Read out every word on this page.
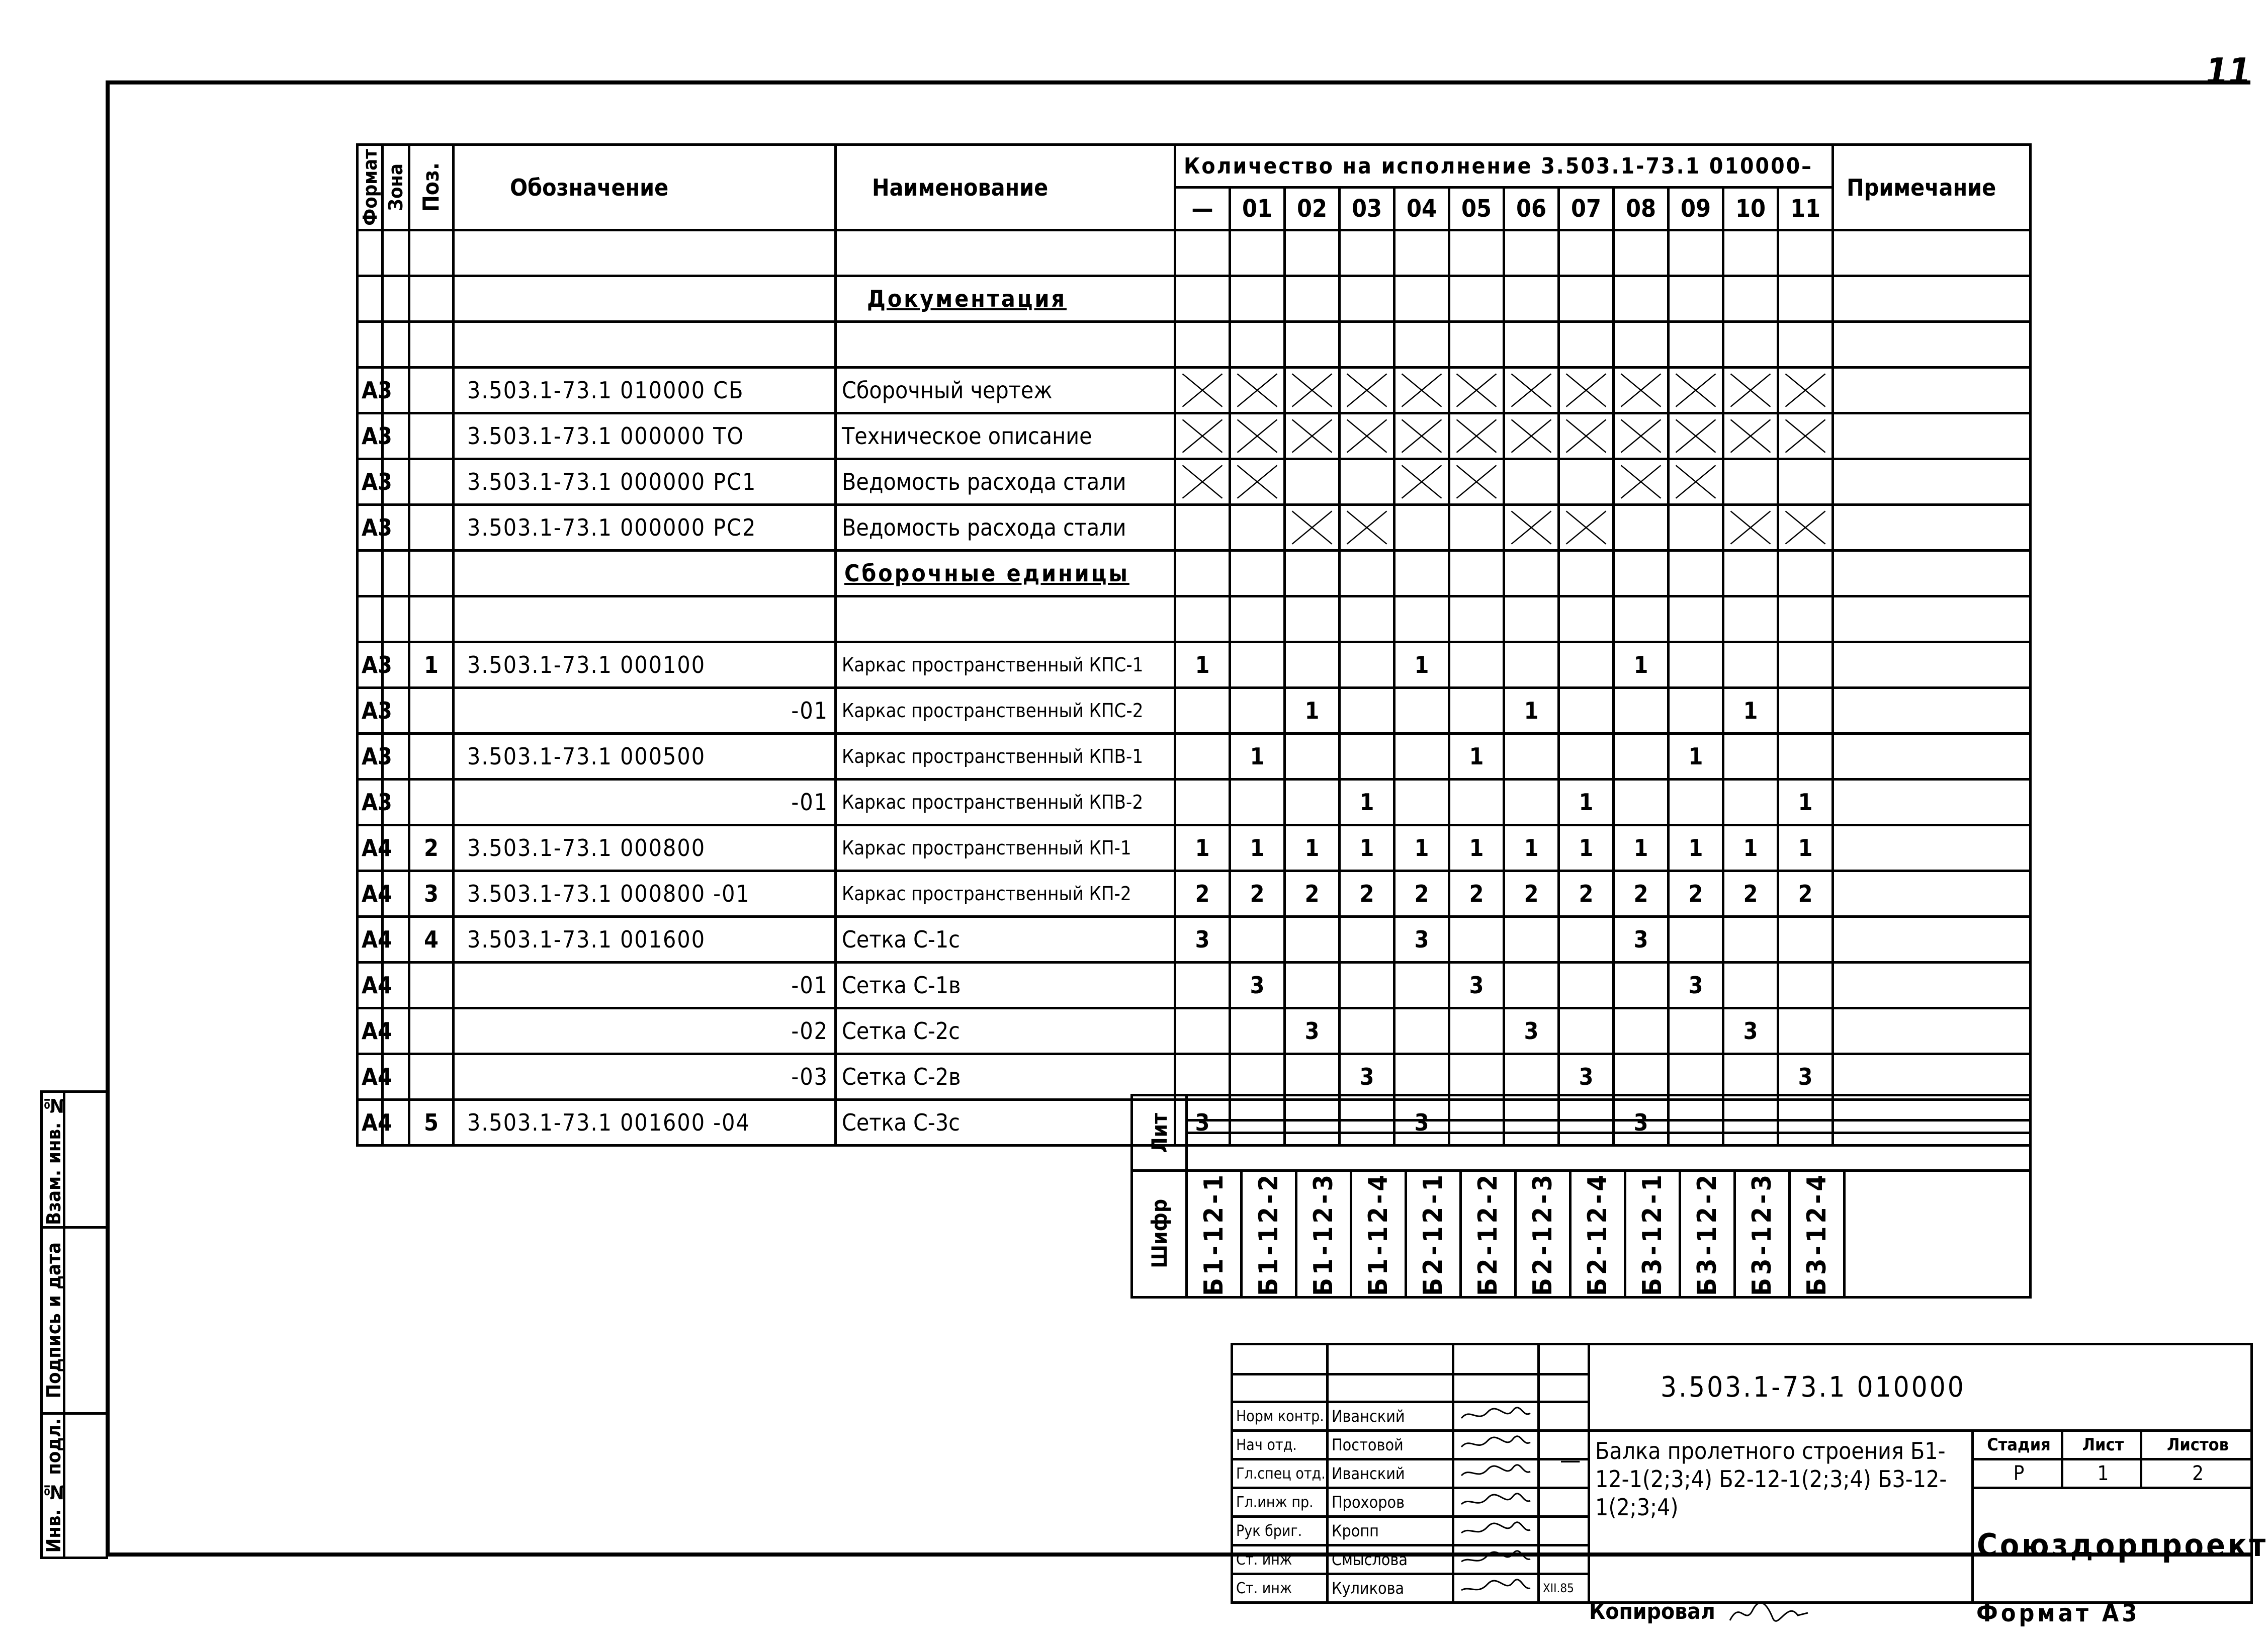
11
Формат	Зона	Поз.	Обозначение	Наименование	Количество на исполнение 3.503.1-73.1 010000–												Примечание
					—	01	02	03	04	05	06	07	08	09	10	11	

				Документация													

А3			3.503.1-73.1 010000 СБ	Сборочный чертеж	

А3			3.503.1-73.1 000000 ТО	Техническое описание	

А3			3.503.1-73.1 000000 РС1	Ведомость расхода стали	

А3			3.503.1-73.1 000000 РС2	Ведомость расхода стали			

				Сборочные единицы													

А3		1	3.503.1-73.1 000100	Каркас пространственный КПС-1	1				1				1				
А3			-01	Каркас пространственный КПС-2			1				1				1		
А3			3.503.1-73.1 000500	Каркас пространственный КПВ-1		1				1				1			
А3			-01	Каркас пространственный КПВ-2				1				1				1	
А4		2	3.503.1-73.1 000800	Каркас пространственный КП-1	1	1	1	1	1	1	1	1	1	1	1	1	
А4		3	3.503.1-73.1 000800 -01	Каркас пространственный КП-2	2	2	2	2	2	2	2	2	2	2	2	2	
А4		4	3.503.1-73.1 001600	Сетка С-1с	3				3				3				
А4			-01	Сетка С-1в		3				3				3			
А4			-02	Сетка С-2с			3				3				3		
А4			-03	Сетка С-2в				3				3				3	
А4		5	3.503.1-73.1 001600 -04	Сетка С-3с	3				3				3				
Лит													

Шифр	Б1-12-1	Б1-12-2	Б1-12-3	Б1-12-4	Б2-12-1	Б2-12-2	Б2-12-3	Б2-12-4	Б3-12-1	Б3-12-2	Б3-12-3	Б3-12-4	

Взам. инв. №	

Подпись и дата	

Инв. № подл.	

				3.503.1-73.1 010000				

Норм контр.	Иванский			
Нач отд.	Постовой			— Балка пролетного строения Б1-12-1(2;3;4) Б2-12-1(2;3;4) Б3-12-1(2;3;4)	Стадия	Лист	Листов	
Гл.спец отд.	Иванский				Р	1	2	
Гл.инж пр.	Прохоров				Союздорпроект			
Рук бриг.	Кропп		
Ст. инж	Смыслова		
Ст. инж	Куликова		XII.85					
Копировал	Формат А3
